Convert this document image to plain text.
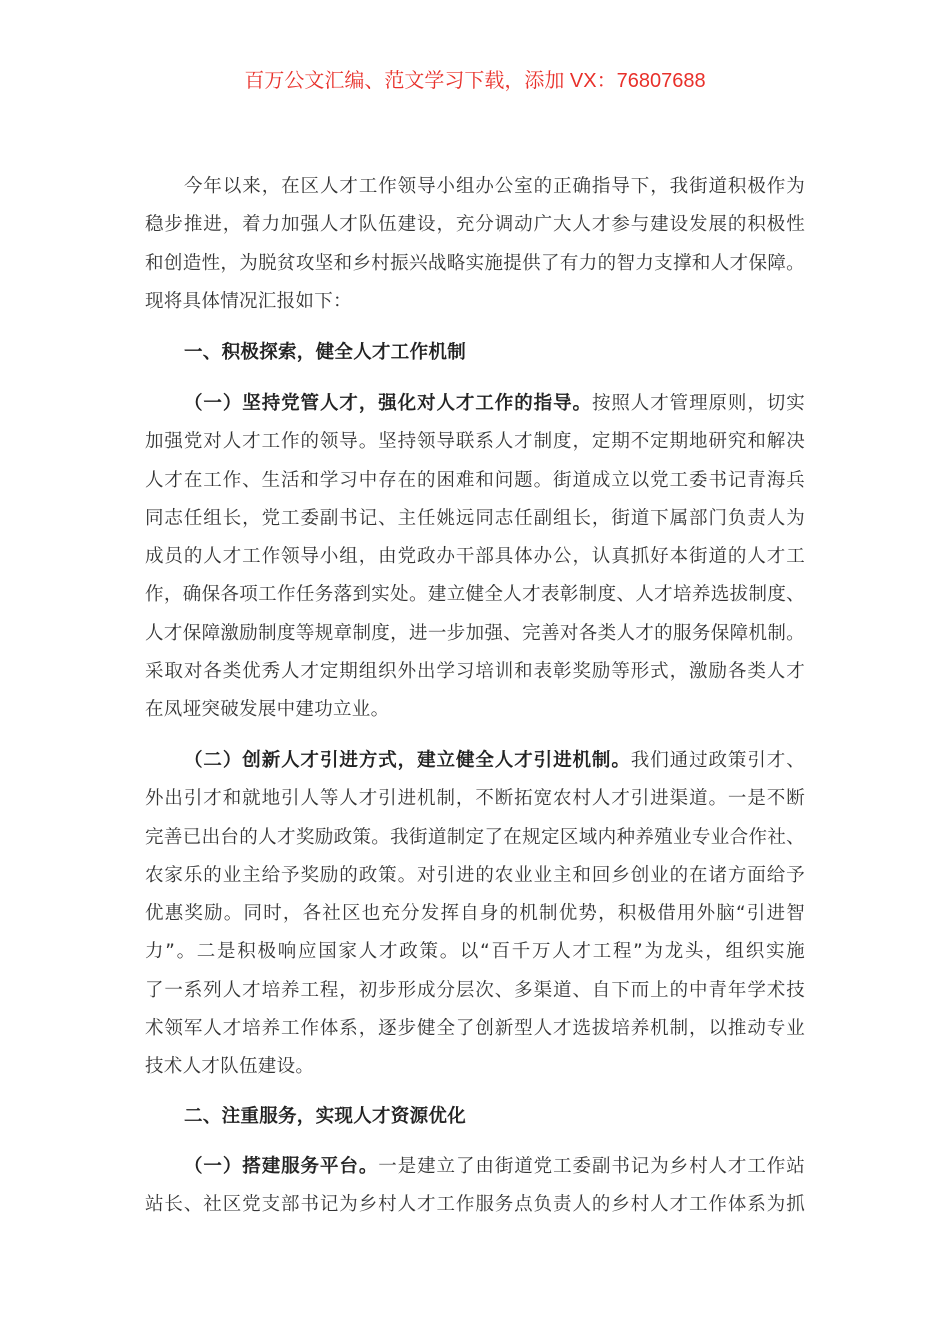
百万公文汇编、范文学习下载，添加 VX：76807688
今年以来，在区人才工作领导小组办公室的正确指导下，我街道积极作为
稳步推进，着力加强人才队伍建设，充分调动广大人才参与建设发展的积极性
和创造性，为脱贫攻坚和乡村振兴战略实施提供了有力的智力支撑和人才保障。
现将具体情况汇报如下：
一、积极探索，健全人才工作机制
（一）坚持党管人才，强化对人才工作的指导。按照人才管理原则，切实
加强党对人才工作的领导。坚持领导联系人才制度，定期不定期地研究和解决
人才在工作、生活和学习中存在的困难和问题。街道成立以党工委书记青海兵
同志任组长，党工委副书记、主任姚远同志任副组长，街道下属部门负责人为
成员的人才工作领导小组，由党政办干部具体办公，认真抓好本街道的人才工
作，确保各项工作任务落到实处。建立健全人才表彰制度、人才培养选拔制度、
人才保障激励制度等规章制度，进一步加强、完善对各类人才的服务保障机制。
采取对各类优秀人才定期组织外出学习培训和表彰奖励等形式，激励各类人才
在凤垭突破发展中建功立业。
（二）创新人才引进方式，建立健全人才引进机制。我们通过政策引才、
外出引才和就地引人等人才引进机制，不断拓宽农村人才引进渠道。一是不断
完善已出台的人才奖励政策。我街道制定了在规定区域内种养殖业专业合作社、
农家乐的业主给予奖励的政策。对引进的农业业主和回乡创业的在诸方面给予
优惠奖励。同时，各社区也充分发挥自身的机制优势，积极借用外脑“引进智
力”。二是积极响应国家人才政策。以“百千万人才工程”为龙头，组织实施
了一系列人才培养工程，初步形成分层次、多渠道、自下而上的中青年学术技
术领军人才培养工作体系，逐步健全了创新型人才选拔培养机制，以推动专业
技术人才队伍建设。
二、注重服务，实现人才资源优化
（一）搭建服务平台。一是建立了由街道党工委副书记为乡村人才工作站
站长、社区党支部书记为乡村人才工作服务点负责人的乡村人才工作体系为抓
